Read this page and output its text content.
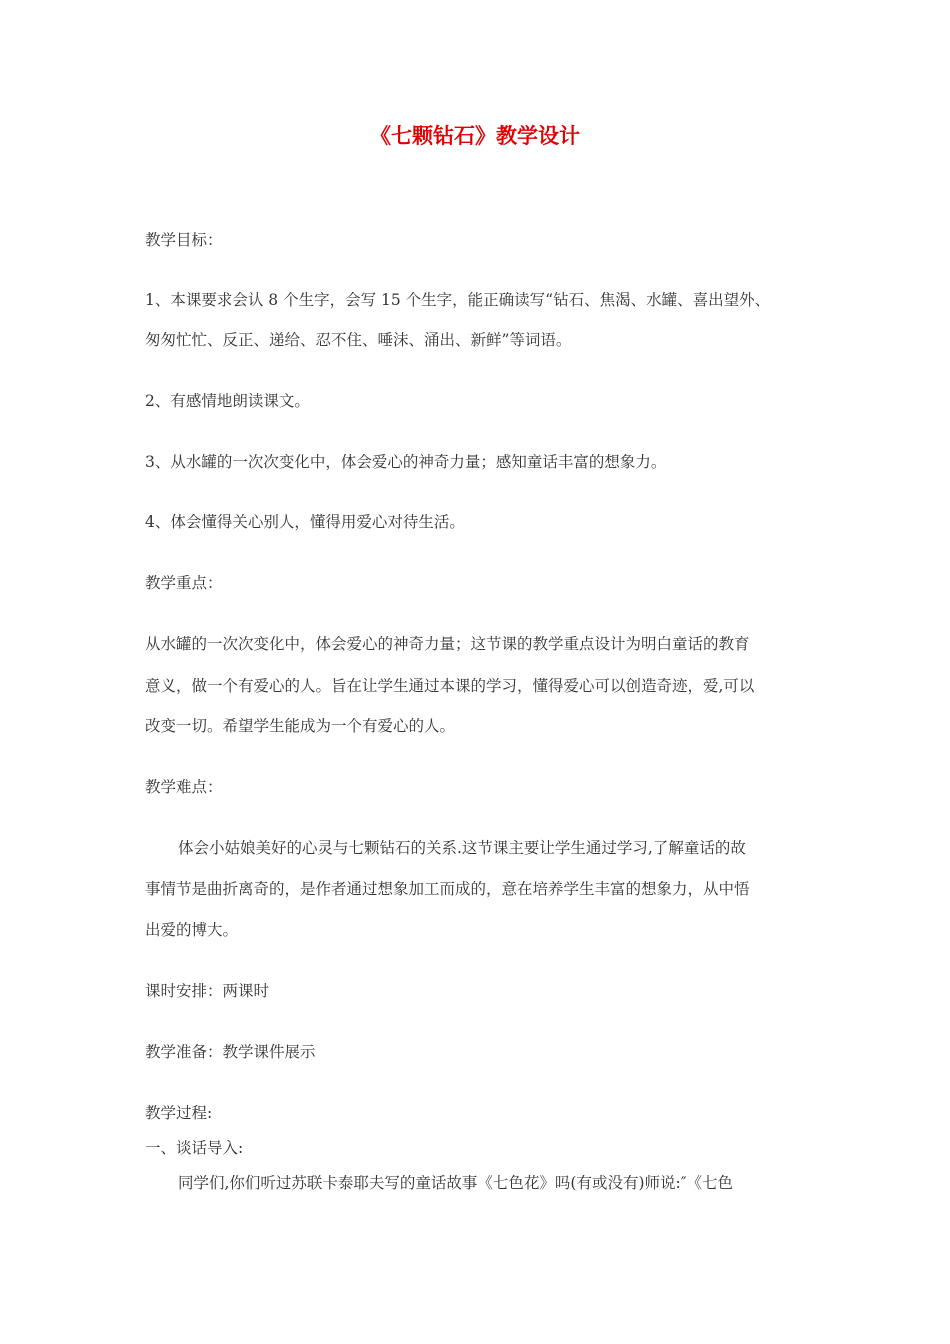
《七颗钻石》教学设计
教学目标：
1、本课要求会认 8 个生字，会写 15 个生字，能正确读写“钻石、焦渴、水罐、喜出望外、
匆匆忙忙、反正、递给、忍不住、唾沫、涌出、新鲜”等词语。
2、有感情地朗读课文。
3、从水罐的一次次变化中，体会爱心的神奇力量；感知童话丰富的想象力。
4、体会懂得关心别人，懂得用爱心对待生活。
教学重点：
从水罐的一次次变化中，体会爱心的神奇力量；这节课的教学重点设计为明白童话的教育
意义，做一个有爱心的人。旨在让学生通过本课的学习，懂得爱心可以创造奇迹，爱,可以
改变一切。希望学生能成为一个有爱心的人。
教学难点：
体会小姑娘美好的心灵与七颗钻石的关系.这节课主要让学生通过学习,了解童话的故
事情节是曲折离奇的，是作者通过想象加工而成的，意在培养学生丰富的想象力，从中悟
出爱的博大。
课时安排：两课时
教学准备：教学课件展示
教学过程:
一、谈话导入:
同学们,你们听过苏联卡泰耶夫写的童话故事《七色花》吗(有或没有)师说:″《七色
